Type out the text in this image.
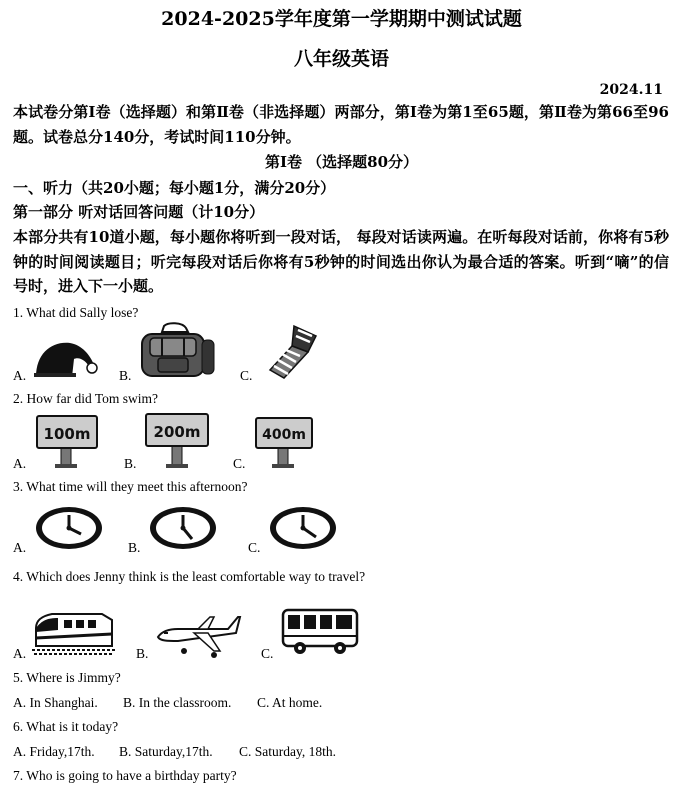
2024-2025学年度第一学期期中测试试题
八年级英语
2024.11
本试卷分第Ⅰ卷（选择题）和第Ⅱ卷（非选择题）两部分，第Ⅰ卷为第1至65题，第Ⅱ卷为第66至96题。试卷总分140分，考试时间110分钟。
第Ⅰ卷 （选择题80分）
一、听力（共20小题；每小题1分，满分20分）
第一部分 听对话回答问题（计10分）
本部分共有10道小题，每小题你将听到一段对话， 每段对话读两遍。在听每段对话前，你将有5秒钟的时间阅读题目；听完每段对话后你将有5秒钟的时间选出你认为最合适的答案。听到“嘀”的信号时，进入下一小题。
1. What did Sally lose?
A.	B.	C.
2. How far did Tom swim?
A.
100m
B.
200m
C.
400m
3. What time will they meet this afternoon?
A.	B.	C.
4. Which does Jenny think is the least comfortable way to travel?
A.	B.	C.
5. Where is Jimmy?
A. In Shanghai. B. In the classroom. C. At home.
6. What is it today?
A. Friday,17th. B. Saturday,17th. C. Saturday, 18th.
7. Who is going to have a birthday party?
